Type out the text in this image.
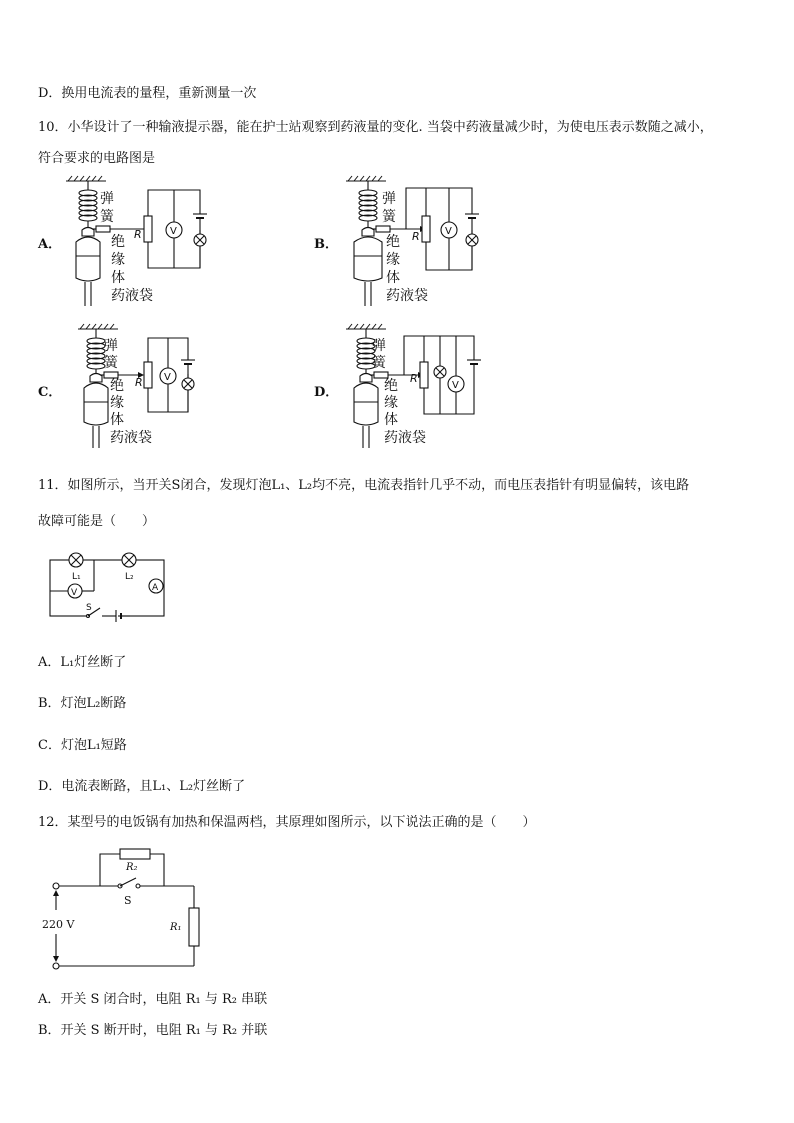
D．换用电流表的量程，重新测量一次
10．小华设计了一种输液提示器，能在护士站观察到药液量的变化. 当袋中药液量减少时，为使电压表示数随之减小，
符合要求的电路图是
A．	B．
C．	D．
R	V
弹
簧
绝
缘
体
药液袋
R	V
弹
簧
绝
缘
体
药液袋
R V
弹
簧
绝
缘
体
药液袋
R
V
弹
簧
绝
缘
体
药液袋
11．如图所示，当开关S闭合，发现灯泡L₁、L₂均不亮，电流表指针几乎不动，而电压表指针有明显偏转，该电路
故障可能是（　　）
V	A
L₁	L₂
S
A．L₁灯丝断了
B．灯泡L₂断路
C．灯泡L₁短路
D．电流表断路，且L₁、L₂灯丝断了
12．某型号的电饭锅有加热和保温两档，其原理如图所示，以下说法正确的是（　　）
220 V
R₂
S
R₁
A．开关 S 闭合时，电阻 R₁ 与 R₂ 串联
B．开关 S 断开时，电阻 R₁ 与 R₂ 并联
